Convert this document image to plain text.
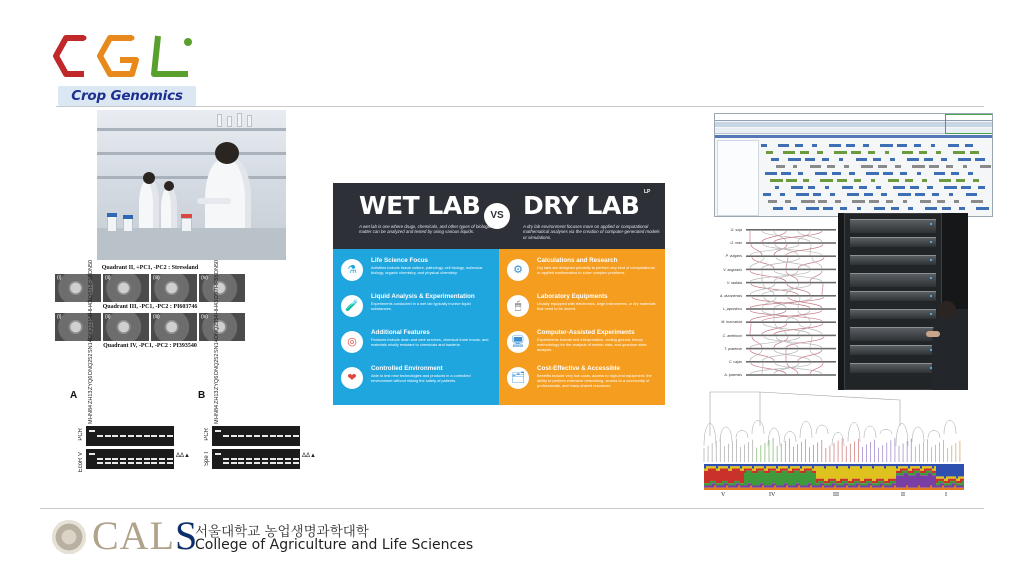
Crop Genomics
Quadrant II, +PC1, -PC2 : Stressland
(i)	(ii)	(iii)	(iv)
Quadrant III, -PC1, -PC2 : PI603746
(i)	(ii)	(iii)	(iv)
Quadrant IV, -PC1, -PC2 : PI393540
A	B
M
HN84
ZH13
ZYQ6
DNQ252
SN14
DNQ2354
HH43
DS7
HF55
DN50
M
HN84
ZH13
ZYQ6
DNQ252
SN14
DNQ2354
HH43
DS7
HF55
DN50
PCR
EcoR V
PCR
Spe I
ΔΔ▲	ΔΔ▲
WET LAB	VS DRY LAB LP
A wet lab is one where drugs, chemicals, and other types of biological matter can be analyzed and tested by using various liquids.
A dry lab environment focuses more on applied or computational mathematical analyses via the creation of computer-generated models or simulations.
⚗
Life Science Focus
Activities include tissue culture, pathology, cell biology, molecular biology, organic chemistry, and physical chemistry.
🧪
Liquid Analysis & Experimentation
Experiments conducted in a wet lab typically involve liquid substances.
◎
Additional Features
Features include drain and vent services, chemical fume hoods, and materials wholly resistant to chemicals and bacteria.
❤
Controlled Environment
Able to test new technologies and products in a controlled environment without risking the safety of patients.
⚙
Calculations and Research
Dry labs are designed primarily to perform any kind of computational or applied mathematics to solve complex problems.
🖱
Laboratory Equipments
Usually equipped with electronics, large instruments, or dry materials that need to be stored.
🖥
Computer-Assisted Experiments
Experiments include text interpretation, coding ground, theory methodology for the analysis of certain data, and quantum state analysis.
🗂
Cost-Effective & Accessible
Benefits include very low costs, access to high-end equipment, the ability to perform extensive networking, access to a community of professionals, and many shared resources.
G. soja
G. max
P. vulgaris
V. angularis
V. radiata
A. duranensis
L. japonicus
M. truncatula
C. arietinum
T. pratense
C. cajan
A. ipaensis
V	IV	III	II	I
CALS
서울대학교 농업생명과학대학
College of Agriculture and Life Sciences
